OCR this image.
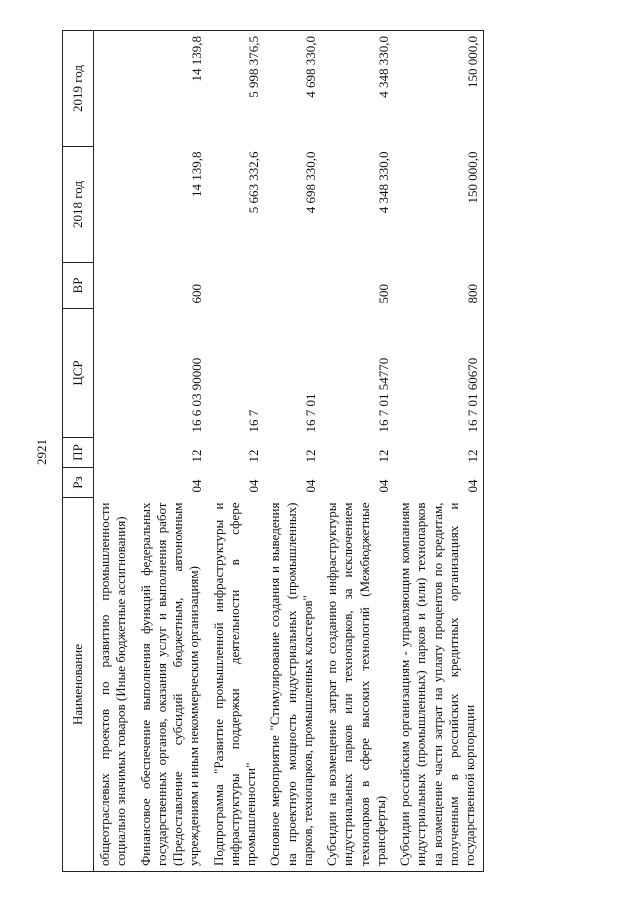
2921
Наименование	Рз	ПР	ЦСР	ВР	2018 год	2019 год
общеотраслевых проектов по развитию промышленности социально значимых товаров (Иные бюджетные ассигнования)						
Финансовое обеспечение выполнения функций федеральных государственных органов, оказания услуг и выполнения работ (Предоставление субсидий бюджетным, автономным учреждениям и иным некоммерческим организациям)	04	12	16 6 03 90000	600	14 139,8	14 139,8
Подпрограмма "Развитие промышленной инфраструктуры и инфраструктуры поддержки деятельности в сфере промышленности"	04	12	16 7		5 663 332,6	5 998 376,5
Основное мероприятие "Стимулирование создания и выведения на проектную мощность индустриальных (промышленных) парков, технопарков, промышленных кластеров"	04	12	16 7 01		4 698 330,0	4 698 330,0
Субсидии на возмещение затрат по созданию инфраструктуры индустриальных парков или технопарков, за исключением технопарков в сфере высоких технологий (Межбюджетные трансферты)	04	12	16 7 01 54770	500	4 348 330,0	4 348 330,0
Субсидии российским организациям - управляющим компаниям индустриальных (промышленных) парков и (или) технопарков на возмещение части затрат на уплату процентов по кредитам, полученным в российских кредитных организациях и государственной корпорации	04	12	16 7 01 60670	800	150 000,0	150 000,0
